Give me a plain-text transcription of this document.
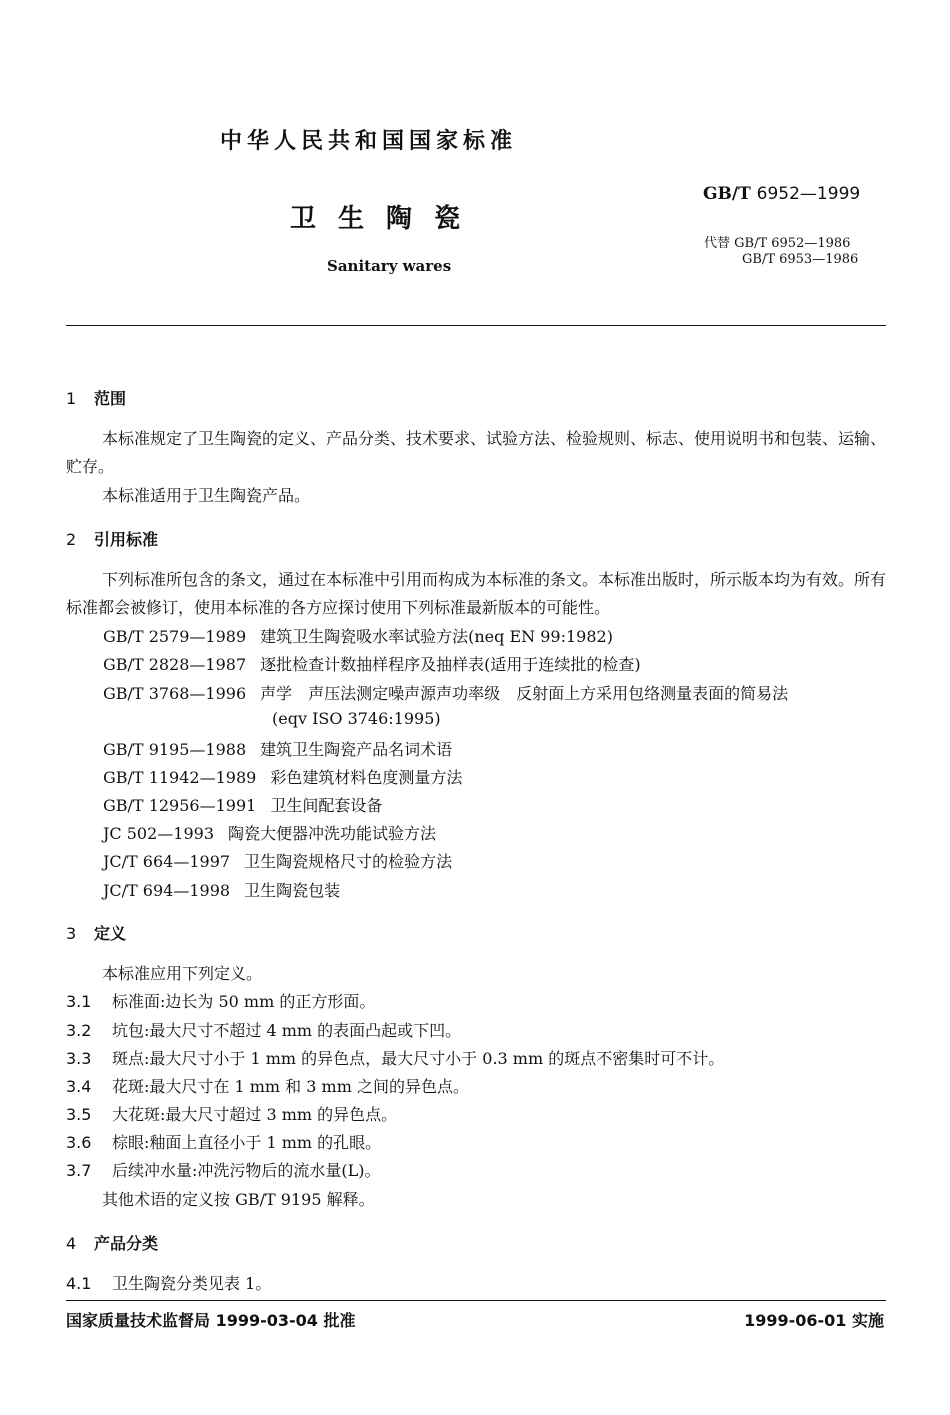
中华人民共和国国家标准
GB/T 6952—1999
卫生陶瓷
代替 GB/T 6952—1986
GB/T 6953—1986
Sanitary wares
1 范围
本标准规定了卫生陶瓷的定义、产品分类、技术要求、试验方法、检验规则、标志、使用说明书和包装、运输、贮存。
本标准适用于卫生陶瓷产品。
2 引用标准
下列标准所包含的条文，通过在本标准中引用而构成为本标准的条文。本标准出版时，所示版本均为有效。所有标准都会被修订，使用本标准的各方应探讨使用下列标准最新版本的可能性。
GB/T 2579—1989 建筑卫生陶瓷吸水率试验方法(neq EN 99:1982)
GB/T 2828—1987 逐批检查计数抽样程序及抽样表(适用于连续批的检查)
GB/T 3768—1996 声学　声压法测定噪声源声功率级　反射面上方采用包络测量表面的简易法
(eqv ISO 3746:1995)
GB/T 9195—1988 建筑卫生陶瓷产品名词术语
GB/T 11942—1989 彩色建筑材料色度测量方法
GB/T 12956—1991 卫生间配套设备
JC 502—1993 陶瓷大便器冲洗功能试验方法
JC/T 664—1997 卫生陶瓷规格尺寸的检验方法
JC/T 694—1998 卫生陶瓷包装
3 定义
本标准应用下列定义。
3.1 标准面:边长为 50 mm 的正方形面。
3.2 坑包:最大尺寸不超过 4 mm 的表面凸起或下凹。
3.3 斑点:最大尺寸小于 1 mm 的异色点，最大尺寸小于 0.3 mm 的斑点不密集时可不计。
3.4 花斑:最大尺寸在 1 mm 和 3 mm 之间的异色点。
3.5 大花斑:最大尺寸超过 3 mm 的异色点。
3.6 棕眼:釉面上直径小于 1 mm 的孔眼。
3.7 后续冲水量:冲洗污物后的流水量(L)。
其他术语的定义按 GB/T 9195 解释。
4 产品分类
4.1 卫生陶瓷分类见表 1。
国家质量技术监督局 1999-03-04 批准	1999-06-01 实施
